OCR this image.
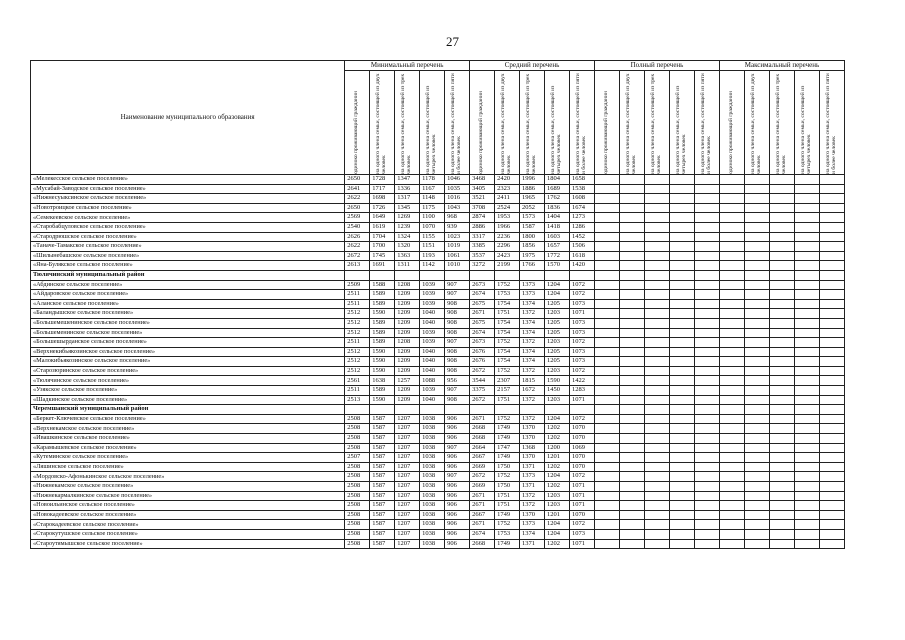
27
Наименование муниципального образования	Минимальный перечень					Средний перечень					Полный перечень					Максимальный перечень				

	одиноко проживающий гражданин	на одного члена семьи, состоящей из двух человек	на одного члена семьи, состоящей из трех человек	на одного члена семьи, состоящей из четырех человек	на одного члена семьи, состоящей из пяти и более человек	одиноко проживающий гражданин	на одного члена семьи, состоящей из двух человек	на одного члена семьи, состоящей из трех человек	на одного члена семьи, состоящей из четырех человек	на одного члена семьи, состоящей из пяти и более человек	одиноко проживающий гражданин	на одного члена семьи, состоящей из двух человек	на одного члена семьи, состоящей из трех человек	на одного члена семьи, состоящей из четырех человек	на одного члена семьи, состоящей из пяти и более человек	одиноко проживающий гражданин	на одного члена семьи, состоящей из двух человек	на одного члена семьи, состоящей из трех человек	на одного члена семьи, состоящей из четырех человек	на одного члена семьи, состоящей из пяти и более человек

«Мелекесское сельское поселение»	2650	1728	1347	1178	1046	3468	2420	1996	1804	1658										
«Мусабай-Заводское сельское поселение»	2641	1717	1336	1167	1035	3405	2323	1886	1689	1538										
«Нижнесуыксинское сельское поселение»	2622	1698	1317	1148	1016	3521	2411	1965	1762	1608										
«Новотроицкое сельское поселение»	2650	1726	1345	1175	1043	3708	2524	2052	1836	1674										
«Семекеевское сельское поселение»	2569	1649	1269	1100	968	2874	1953	1573	1404	1273										
«Старобабцуловское сельское поселение»	2540	1619	1239	1070	939	2886	1966	1587	1418	1286										
«Стародрюшское сельское поселение»	2626	1704	1324	1155	1023	3317	2236	1800	1603	1452										
«Таначе-Тамакское сельское поселение»	2622	1700	1320	1151	1019	3385	2296	1856	1657	1506										
«Шилынебашское сельское поселение»	2672	1745	1363	1193	1061	3537	2423	1975	1772	1618										
«Яна-Булякское сельское поселение»	2613	1691	1311	1142	1010	3272	2199	1766	1570	1420										
Тюлячинский муниципальный район																				
«Абдинское сельское поселение»	2509	1588	1208	1039	907	2673	1752	1373	1204	1072										
«Айдаровское сельское поселение»	2511	1589	1209	1039	907	2674	1753	1373	1204	1072										
«Аланское сельское поселение»	2511	1589	1209	1039	908	2675	1754	1374	1205	1073										
«Баландышское сельское поселение»	2512	1590	1209	1040	908	2671	1751	1372	1203	1071										
«Большемешенинское сельское поселение»	2512	1589	1209	1040	908	2675	1754	1374	1205	1073										
«Большеменинское сельское поселение»	2512	1589	1209	1039	908	2674	1754	1374	1205	1073										
«Большешырданское сельское поселение»	2511	1589	1208	1039	907	2673	1752	1372	1203	1072										
«Верхнекибьякозинское сельское поселение»	2512	1590	1209	1040	908	2676	1754	1374	1205	1073										
«Малокибьякозинское сельское поселение»	2512	1590	1209	1040	908	2676	1754	1374	1205	1073										
«Старозюринское сельское поселение»	2512	1590	1209	1040	908	2672	1752	1372	1203	1072										
«Тюлячинское сельское поселение»	2561	1638	1257	1088	956	3544	2307	1815	1590	1422										
«Узякское сельское поселение»	2511	1589	1209	1039	907	3375	2157	1672	1450	1283										
«Шадкинское сельское поселение»	2513	1590	1209	1040	908	2672	1751	1372	1203	1071										
Черемшанский муниципальный район																				
«Беркет-Ключевское сельское поселение»	2508	1587	1207	1038	906	2671	1752	1372	1204	1072										
«Верхнекамское сельское поселение»	2508	1587	1207	1038	906	2668	1749	1370	1202	1070										
«Ивашкинское сельское поселение»	2508	1587	1207	1038	906	2668	1749	1370	1202	1070										
«Карамышевское сельское поселение»	2508	1587	1207	1038	907	2664	1747	1368	1200	1069										
«Кутеминское сельское поселение»	2507	1587	1207	1038	906	2667	1749	1370	1201	1070										
«Ляшинское сельское поселение»	2508	1587	1207	1038	906	2669	1750	1371	1202	1070										
«Мордовско-Афонькинское сельское поселение»	2508	1587	1207	1038	907	2672	1752	1373	1204	1072										
«Нижнекамское сельское поселение»	2508	1587	1207	1038	906	2669	1750	1371	1202	1071										
«Нижнекармалкинское сельское поселение»	2508	1587	1207	1038	906	2671	1751	1372	1203	1071										
«Новоильинское сельское поселение»	2508	1587	1207	1038	906	2671	1751	1372	1203	1071										
«Новокадеевское сельское поселение»	2508	1587	1207	1038	906	2667	1749	1370	1201	1070										
«Старокадеевское сельское поселение»	2508	1587	1207	1038	906	2671	1752	1373	1204	1072										
«Старокутушское сельское поселение»	2508	1587	1207	1038	906	2674	1753	1374	1204	1073										
«Староутямышское сельское поселение»	2508	1587	1207	1038	906	2668	1749	1371	1202	1071										
